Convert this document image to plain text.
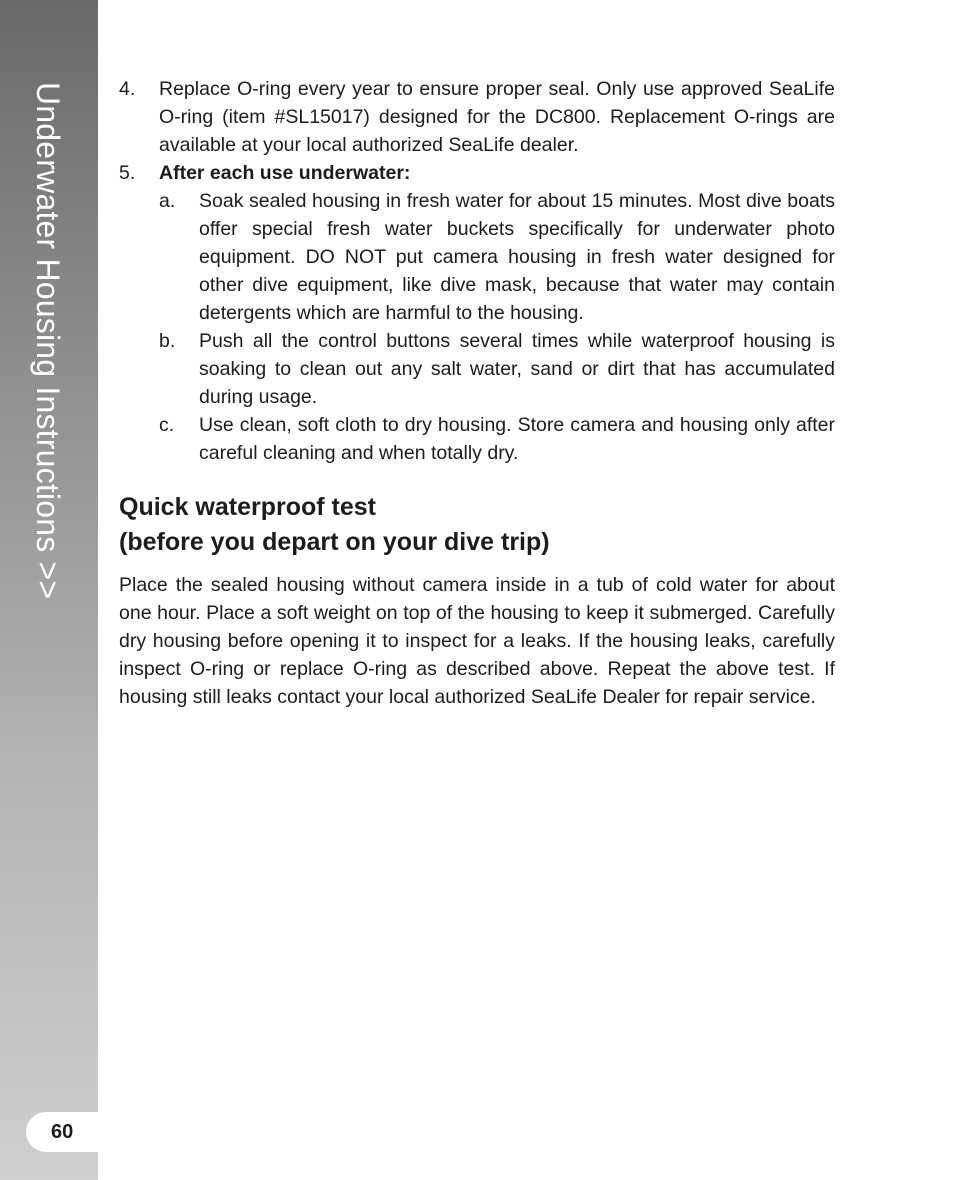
Underwater Housing Instructions >>
60
4. Replace O-ring every year to ensure proper seal. Only use approved SeaLife O-ring (item #SL15017) designed for the DC800. Replacement O-rings are available at your local authorized SeaLife dealer.
5. After each use underwater:
a. Soak sealed housing in fresh water for about 15 minutes. Most dive boats offer special fresh water buckets specifically for underwater photo equipment. DO NOT put camera housing in fresh water designed for other dive equipment, like dive mask, because that water may contain detergents which are harmful to the housing.
b. Push all the control buttons several times while waterproof housing is soaking to clean out any salt water, sand or dirt that has accumulated during usage.
c. Use clean, soft cloth to dry housing. Store camera and housing only after careful cleaning and when totally dry.
Quick waterproof test
(before you depart on your dive trip)
Place the sealed housing without camera inside in a tub of cold water for about one hour. Place a soft weight on top of the housing to keep it submerged. Carefully dry housing before opening it to inspect for a leaks. If the housing leaks, carefully inspect O-ring or replace O-ring as described above. Repeat the above test. If housing still leaks contact your local authorized SeaLife Dealer for repair service.
